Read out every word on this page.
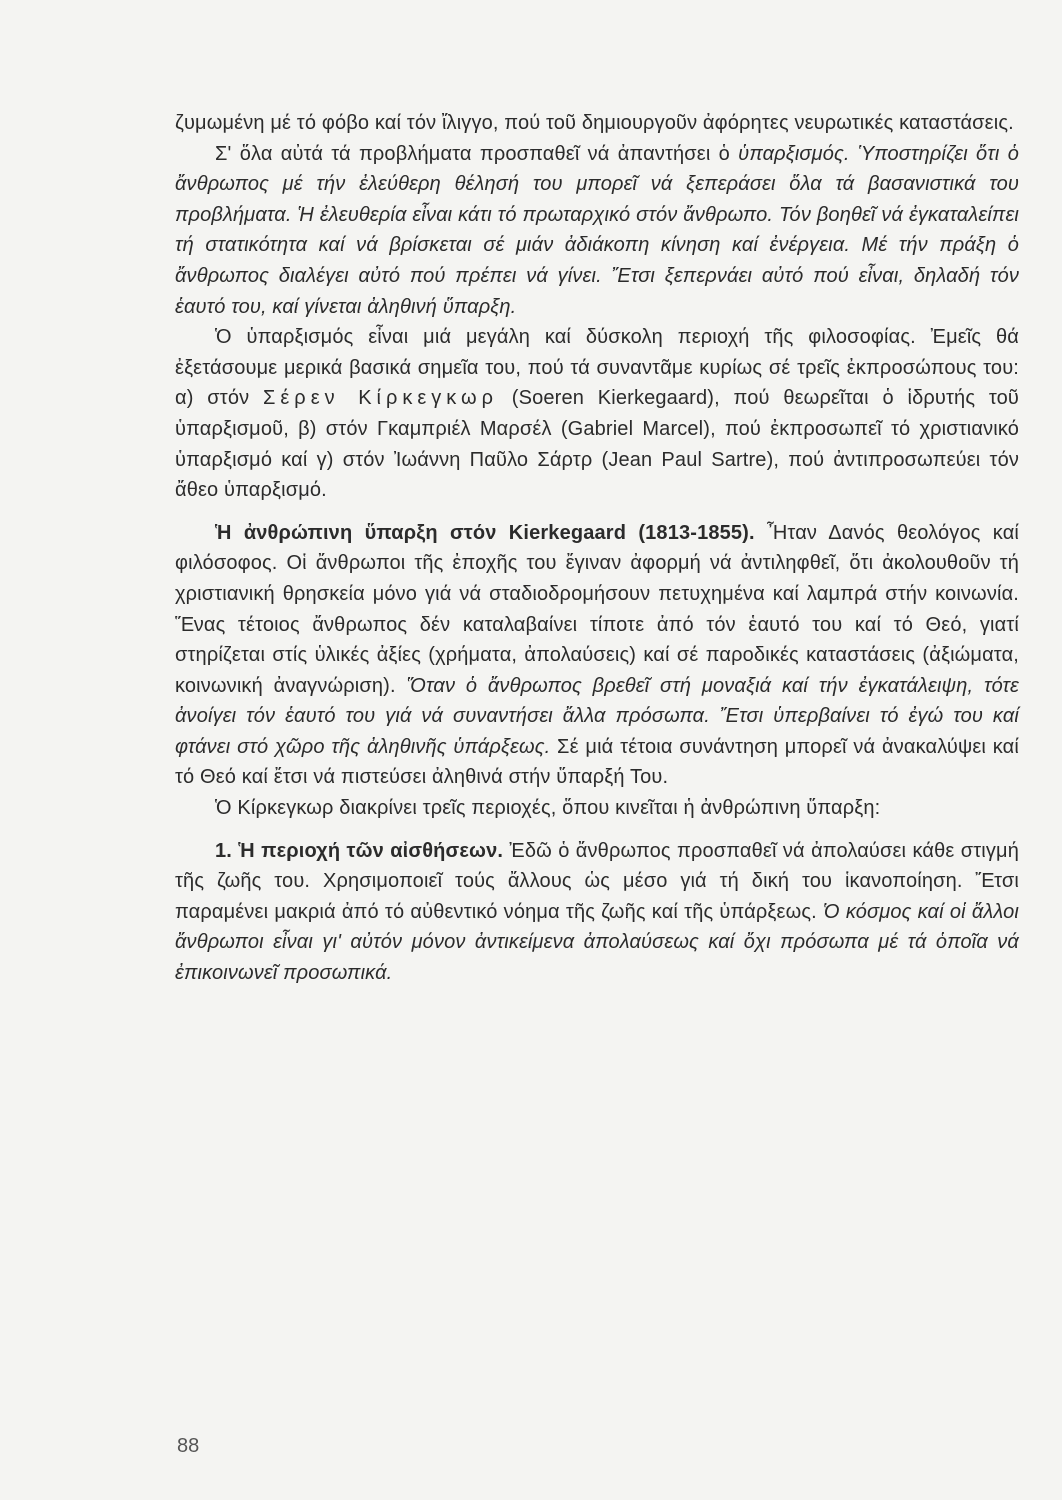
ζυμωμένη μέ τό φόβο καί τόν ἴλιγγο, πού τοῦ δημιουργοῦν ἀφόρητες νευρωτικές καταστάσεις.

Σ' ὅλα αὐτά τά προβλήματα προσπαθεῖ νά ἀπαντήσει ὁ ὑπαρξισμός. Ὑποστηρίζει ὅτι ὁ ἄνθρωπος μέ τήν ἐλεύθερη θέλησή του μπορεῖ νά ξεπεράσει ὅλα τά βασανιστικά του προβλήματα. Ἡ ἐλευθερία εἶναι κάτι τό πρωταρχικό στόν ἄνθρωπο. Τόν βοηθεῖ νά ἐγκαταλείπει τή στατικότητα καί νά βρίσκεται σέ μιάν ἀδιάκοπη κίνηση καί ἐνέργεια. Μέ τήν πράξη ὁ ἄνθρωπος διαλέγει αὐτό πού πρέπει νά γίνει. Ἔτσι ξεπερνάει αὐτό πού εἶναι, δηλαδή τόν ἑαυτό του, καί γίνεται ἀληθινή ὕπαρξη.

Ὁ ὑπαρξισμός εἶναι μιά μεγάλη καί δύσκολη περιοχή τῆς φιλοσοφίας. Ἐμεῖς θά ἐξετάσουμε μερικά βασικά σημεῖα του, πού τά συναντᾶμε κυρίως σέ τρεῖς ἐκπροσώπους του: α) στόν Σέρεν Κίρκεγκωρ (Soeren Kierkegaard), πού θεωρεῖται ὁ ἱδρυτής τοῦ ὑπαρξισμοῦ, β) στόν Γκαμπριέλ Μαρσέλ (Gabriel Marcel), πού ἐκπροσωπεῖ τό χριστιανικό ὑπαρξισμό καί γ) στόν Ἰωάννη Παῦλο Σάρτρ (Jean Paul Sartre), πού ἀντιπροσωπεύει τόν ἄθεο ὑπαρξισμό.

Ἡ ἀνθρώπινη ὕπαρξη στόν Kierkegaard (1813-1855). Ἦταν Δανός θεολόγος καί φιλόσοφος. Οἱ ἄνθρωποι τῆς ἐποχῆς του ἔγιναν ἀφορμή νά ἀντιληφθεῖ, ὅτι ἀκολουθοῦν τή χριστιανική θρησκεία μόνο γιά νά σταδιοδρομήσουν πετυχημένα καί λαμπρά στήν κοινωνία. Ἕνας τέτοιος ἄνθρωπος δέν καταλαβαίνει τίποτε ἀπό τόν ἑαυτό του καί τό Θεό, γιατί στηρίζεται στίς ὑλικές ἀξίες (χρήματα, ἀπολαύσεις) καί σέ παροδικές καταστάσεις (ἀξιώματα, κοινωνική ἀναγνώριση). Ὅταν ὁ ἄνθρωπος βρεθεῖ στή μοναξιά καί τήν ἐγκατάλειψη, τότε ἀνοίγει τόν ἑαυτό του γιά νά συναντήσει ἄλλα πρόσωπα. Ἔτσι ὑπερβαίνει τό ἐγώ του καί φτάνει στό χῶρο τῆς ἀληθινῆς ὑπάρξεως. Σέ μιά τέτοια συνάντηση μπορεῖ νά ἀνακαλύψει καί τό Θεό καί ἔτσι νά πιστεύσει ἀληθινά στήν ὕπαρξή Του.

Ὁ Κίρκεγκωρ διακρίνει τρεῖς περιοχές, ὅπου κινεῖται ἡ ἀνθρώπινη ὕπαρξη:

1. Ἡ περιοχή τῶν αἰσθήσεων. Ἐδῶ ὁ ἄνθρωπος προσπαθεῖ νά ἀπολαύσει κάθε στιγμή τῆς ζωῆς του. Χρησιμοποιεῖ τούς ἄλλους ὡς μέσο γιά τή δική του ἱκανοποίηση. Ἔτσι παραμένει μακριά ἀπό τό αὐθεντικό νόημα τῆς ζωῆς καί τῆς ὑπάρξεως. Ὁ κόσμος καί οἱ ἄλλοι ἄνθρωποι εἶναι γι' αὐτόν μόνον ἀντικείμενα ἀπολαύσεως καί ὄχι πρόσωπα μέ τά ὁποῖα νά ἐπικοινωνεῖ προσωπικά.

88
